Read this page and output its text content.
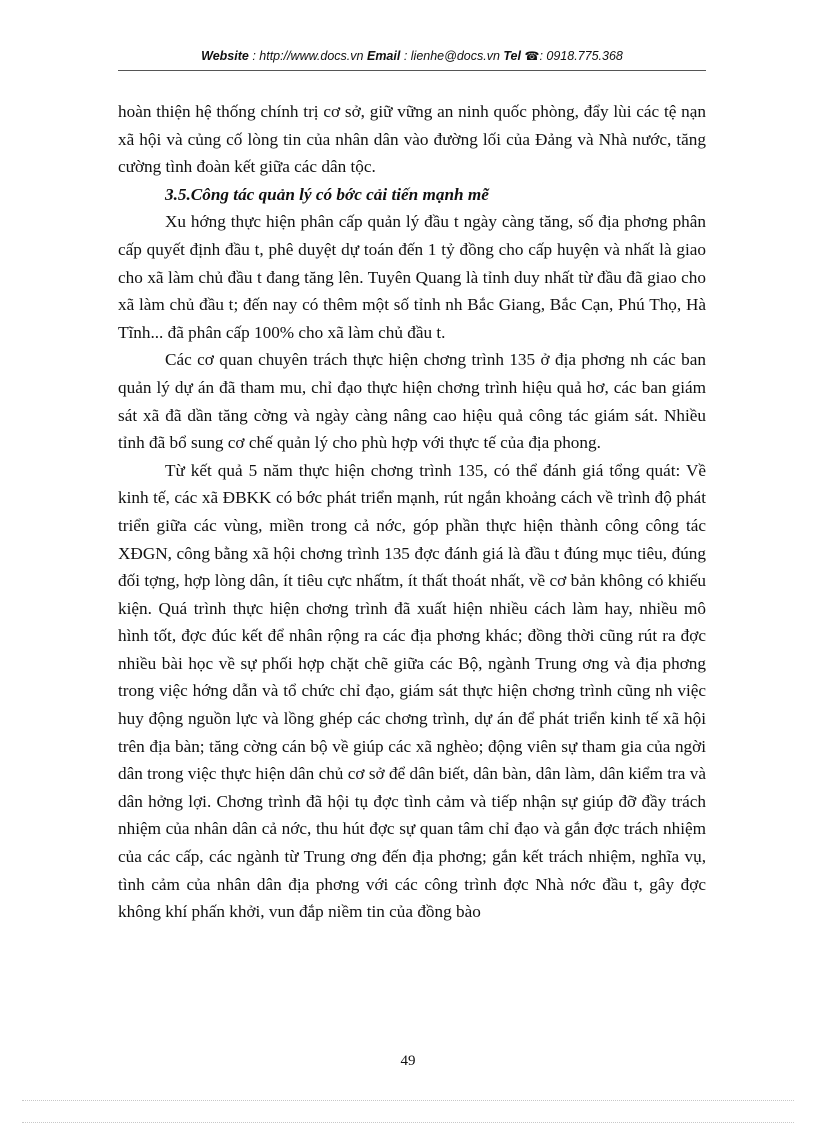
Website : http://www.docs.vn Email : lienhe@docs.vn Tel ☎: 0918.775.368

hoàn thiện hệ thống chính trị cơ sở, giữ vững an ninh quốc phòng, đẩy lùi các tệ nạn xã hội và củng cố lòng tin của nhân dân vào đường lối của Đảng và Nhà nước, tăng cường tình đoàn kết giữa các dân tộc.

3.5.Công tác quản lý có bớc cải tiến mạnh mẽ

Xu hớng thực hiện phân cấp quản lý đầu t ngày càng tăng, số địa phơng phân cấp quyết định đầu t, phê duyệt dự toán đến 1 tỷ đồng cho cấp huyện và nhất là giao cho xã làm chủ đầu t đang tăng lên. Tuyên Quang là tỉnh duy nhất từ đầu đã giao cho xã làm chủ đầu t; đến nay có thêm một số tỉnh nh Bắc Giang, Bắc Cạn, Phú Thọ, Hà Tĩnh... đã phân cấp 100% cho xã làm chủ đầu t.

Các cơ quan chuyên trách thực hiện chơng trình 135 ở địa phơng nh các ban quản lý dự án đã tham mu, chỉ đạo thực hiện chơng trình hiệu quả hơ, các ban giám sát xã đã dần tăng cờng và ngày càng nâng cao hiệu quả công tác giám sát. Nhiều tỉnh đã bổ sung cơ chế quản lý cho phù hợp với thực tế của địa phong.

Từ kết quả 5 năm thực hiện chơng trình 135, có thể đánh giá tổng quát: Về kinh tế, các xã ĐBKK có bớc phát triển mạnh, rút ngắn khoảng cách về trình độ phát triển giữa các vùng, miền trong cả nớc, góp phần thực hiện thành công công tác XĐGN, công bằng xã hội chơng trình 135 đợc đánh giá là đầu t đúng mục tiêu, đúng đối tợng, hợp lòng dân, ít tiêu cực nhấtm, ít thất thoát nhất, về cơ bản không có khiếu kiện. Quá trình thực hiện chơng trình đã xuất hiện nhiều cách làm hay, nhiều mô hình tốt, đợc đúc kết để nhân rộng ra các địa phơng khác; đồng thời cũng rút ra đợc nhiều bài học về sự phối hợp chặt chẽ giữa các Bộ, ngành Trung ơng và địa phơng trong việc hớng dẫn và tổ chức chỉ đạo, giám sát thực hiện chơng trình cũng nh việc huy động nguồn lực và lồng ghép các chơng trình, dự án để phát triển kinh tế xã hội trên địa bàn; tăng cờng cán bộ về giúp các xã nghèo; động viên sự tham gia của ngời dân trong việc thực hiện dân chủ cơ sở để dân biết, dân bàn, dân làm, dân kiểm tra và dân hởng lợi. Chơng trình đã hội tụ đợc tình cảm và tiếp nhận sự giúp đỡ đầy trách nhiệm của nhân dân cả nớc, thu hút đợc sự quan tâm chỉ đạo và gắn đợc trách nhiệm của các cấp, các ngành từ Trung ơng đến địa phơng; gắn kết trách nhiệm, nghĩa vụ, tình cảm của nhân dân địa phơng với các công trình đợc Nhà nớc đầu t, gây đợc không khí phấn khởi, vun đắp niềm tin của đồng bào

49
